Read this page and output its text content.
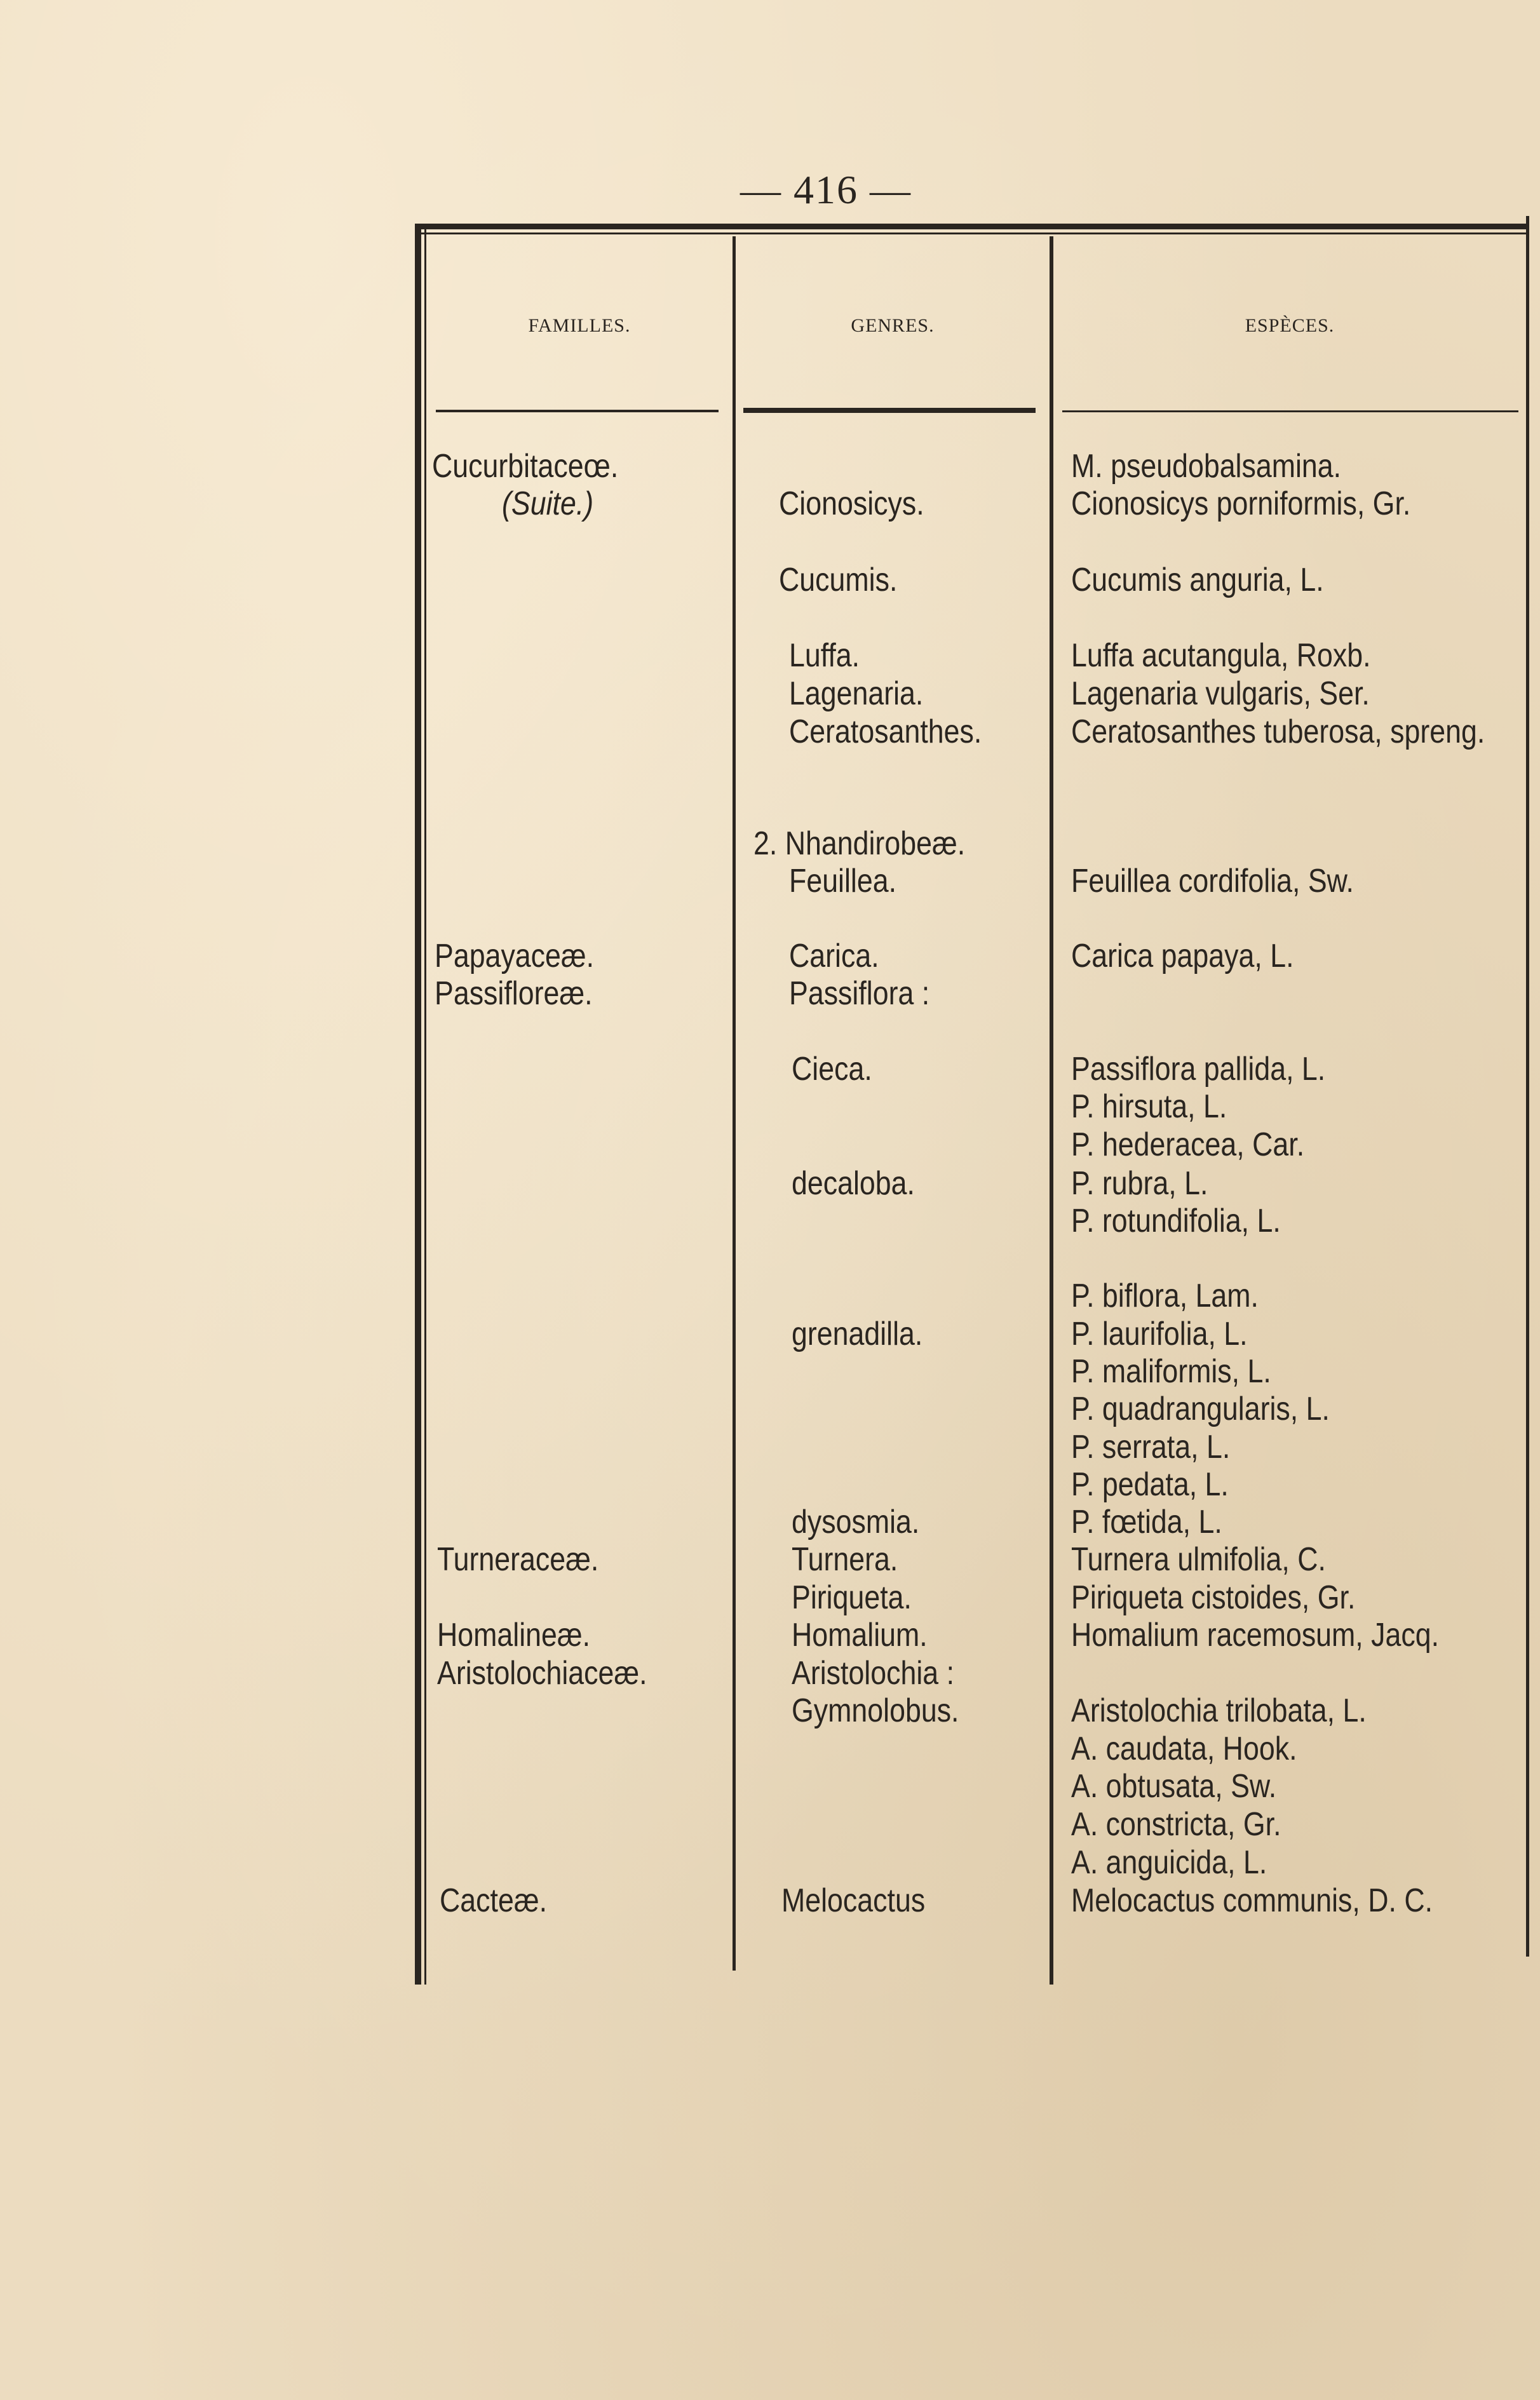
— 416 —
FAMILLES.	GENRES.	ESPÈCES.
Cucurbitaceœ.
(Suite.)
Papayaceæ.
Passifloreæ.
Turneraceæ.
Homalineæ.
Aristolochiaceæ.
Cacteæ.
Cionosicys.
Cucumis.
Luffa.
Lagenaria.
Ceratosanthes.
2. Nhandirobeæ.
Feuillea.
Carica.
Passiflora :
Cieca.
decaloba.
grenadilla.
dysosmia.
Turnera.
Piriqueta.
Homalium.
Aristolochia :
Gymnolobus.
Melocactus
M. pseudobalsamina.
Cionosicys porniformis, Gr.
Cucumis anguria, L.
Luffa acutangula, Roxb.
Lagenaria vulgaris, Ser.
Ceratosanthes tuberosa, spreng.
Feuillea cordifolia, Sw.
Carica papaya, L.
Passiflora pallida, L.
P. hirsuta, L.
P. hederacea, Car.
P. rubra, L.
P. rotundifolia, L.
P. biflora, Lam.
P. laurifolia, L.
P. maliformis, L.
P. quadrangularis, L.
P. serrata, L.
P. pedata, L.
P. fœtida, L.
Turnera ulmifolia, C.
Piriqueta cistoides, Gr.
Homalium racemosum, Jacq.
Aristolochia trilobata, L.
A. caudata, Hook.
A. obtusata, Sw.
A. constricta, Gr.
A. anguicida, L.
Melocactus communis, D. C.
